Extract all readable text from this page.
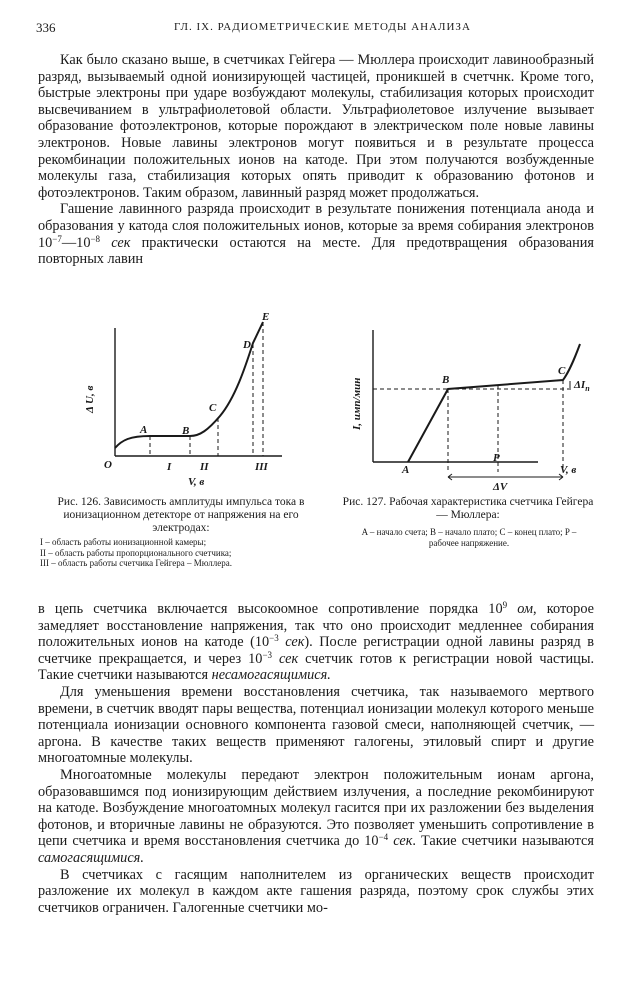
336	ГЛ. IX. РАДИОМЕТРИЧЕСКИЕ МЕТОДЫ АНАЛИЗА

Как было сказано выше, в счетчиках Гейгера — Мюллера происходит лавинообразный разряд, вызываемый одной ионизирующей частицей, проникшей в счетчнк. Кроме того, быстрые электроны при ударе возбуждают молекулы, стабилизация которых происходит высвечиванием в ультрафиолетовой области. Ультрафиолетовое излучение вызывает образование фотоэлектронов, которые порождают в электрическом поле новые лавины электронов. Новые лавины электронов могут появиться и в результате процесса рекомбинации положительных ионов на катоде. При этом получаются возбужденные молекулы газа, стабилизация которых опять приводит к образованию фотонов и фотоэлектронов. Таким образом, лавинный разряд может продолжаться.

Гашение лавинного разряда происходит в результате понижения потенциала анода и образования у катода слоя положительных ионов, которые за время собирания электронов $10^{-7}—10^{-8}$ сек практически остаются на месте. Для предотвращения образования повторных лавин

Δ U, в
O
A	B
C
D
E
I	II	III
V, в
Рис. 126. Зависимость амплитуды импульса тока в ионизационном детекторе от напряжения на его электродах:
I – область работы ионизационной камеры;
II – область работы пропорционального счетчика;
III – область работы счетчика Гейгера – Мюллера.
I, имп/мин
A
B
C
P
$\Delta I_n$
V, в
ΔV
Рис. 127. Рабочая характеристика счетчика Гейгера — Мюллера:
A – начало счета; B – начало плато; C – конец плато; P – рабочее напряжение.

в цепь счетчика включается высокоомное сопротивление порядка $10^9$ ом, которое замедляет восстановление напряжения, так что оно происходит медленнее собирания положительных ионов на катоде ($10^{-3}$ сек). После регистрации одной лавины разряд в счетчике прекращается, и через $10^{-3}$ сек счетчик готов к регистрации новой частицы. Такие счетчики называются несамогасящимися.

Для уменьшения времени восстановления счетчика, так называемого мертвого времени, в счетчик вводят пары вещества, потенциал ионизации молекул которого меньше потенциала ионизации основного компонента газовой смеси, наполняющей счетчик, — аргона. В качестве таких веществ применяют галогены, этиловый спирт и другие многоатомные молекулы.

Многоатомные молекулы передают электрон положительным ионам аргона, образовавшимся под ионизирующим действием излучения, а последние рекомбинируют на катоде. Возбуждение многоатомных молекул гасится при их разложении без выделения фотонов, и вторичные лавины не образуются. Это позволяет уменьшить сопротивление в цепи счетчика и время восстановления счетчика до $10^{-4}$ сек. Такие счетчики называются самогасящимися.

В счетчиках с гасящим наполнителем из органических веществ происходит разложение их молекул в каждом акте гашения разряда, поэтому срок службы этих счетчиков ограничен. Галогенные счетчики мо-
